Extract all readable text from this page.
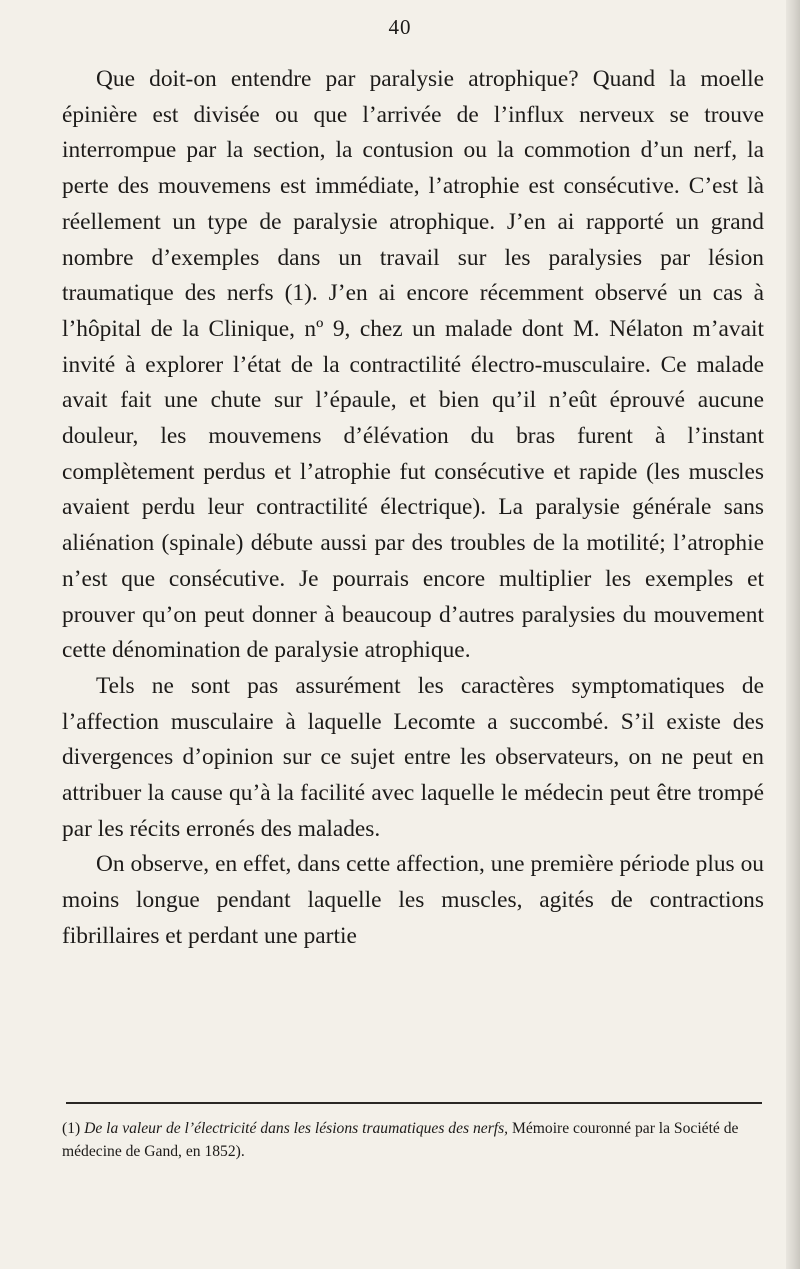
40

Que doit-on entendre par paralysie atrophique? Quand la moelle épinière est divisée ou que l’arrivée de l’influx nerveux se trouve interrompue par la section, la contusion ou la commotion d’un nerf, la perte des mouvemens est immédiate, l’atrophie est consécutive. C’est là réellement un type de paralysie atrophique. J’en ai rapporté un grand nombre d’exemples dans un travail sur les paralysies par lésion traumatique des nerfs (1). J’en ai encore récemment observé un cas à l’hôpital de la Clinique, nº 9, chez un malade dont M. Nélaton m’avait invité à explorer l’état de la contractilité électro-musculaire. Ce malade avait fait une chute sur l’épaule, et bien qu’il n’eût éprouvé aucune douleur, les mouvemens d’élévation du bras furent à l’instant complètement perdus et l’atrophie fut consécutive et rapide (les muscles avaient perdu leur contractilité électrique). La paralysie générale sans aliénation (spinale) débute aussi par des troubles de la motilité; l’atrophie n’est que consécutive. Je pourrais encore multiplier les exemples et prouver qu’on peut donner à beaucoup d’autres paralysies du mouvement cette dénomination de paralysie atrophique.

Tels ne sont pas assurément les caractères symptomatiques de l’affection musculaire à laquelle Lecomte a succombé. S’il existe des divergences d’opinion sur ce sujet entre les observateurs, on ne peut en attribuer la cause qu’à la facilité avec laquelle le médecin peut être trompé par les récits erronés des malades.

On observe, en effet, dans cette affection, une première période plus ou moins longue pendant laquelle les muscles, agités de contractions fibrillaires et perdant une partie

(1) De la valeur de l’électricité dans les lésions traumatiques des nerfs, Mémoire couronné par la Société de médecine de Gand, en 1852).
